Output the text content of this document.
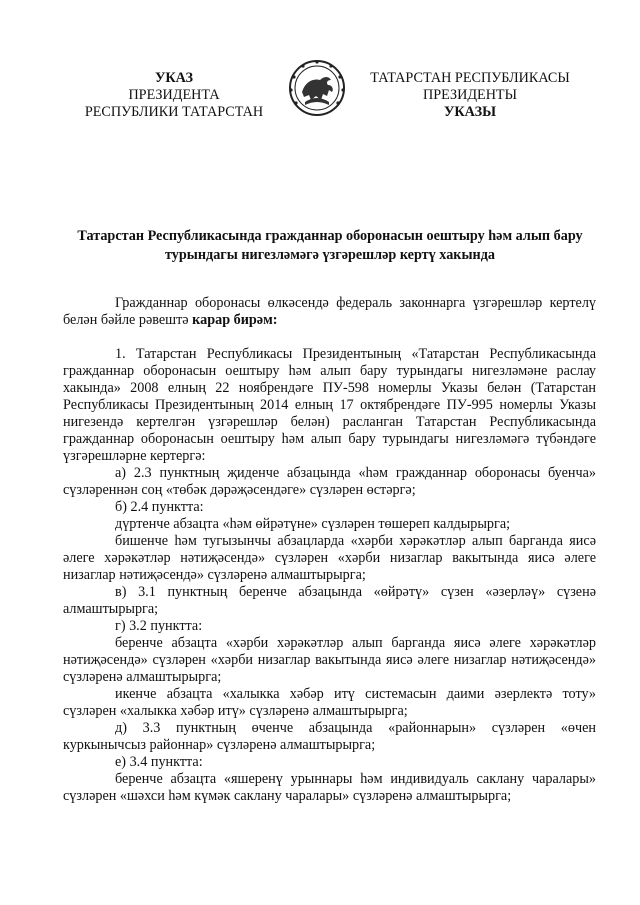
УКАЗ
ПРЕЗИДЕНТА
РЕСПУБЛИКИ ТАТАРСТАН
ТАТАРСТАН РЕСПУБЛИКАСЫ
ПРЕЗИДЕНТЫ
УКАЗЫ
Татарстан Республикасында гражданнар оборонасын оештыру һәм алып бару турындагы нигезләмәгә үзгәрешләр кертү хакында

Гражданнар оборонасы өлкәсендә федераль законнарга үзгәрешләр кертелү белән бәйле рәвештә карар бирәм:

1. Татарстан Республикасы Президентының «Татарстан Республикасында гражданнар оборонасын оештыру һәм алып бару турындагы нигезләмәне раслау хакында» 2008 елның 22 ноябрендәге ПУ-598 номерлы Указы белән (Татарстан Республикасы Президентының 2014 елның 17 октябрендәге ПУ-995 номерлы Указы нигезендә кертелгән үзгәрешләр белән) расланган Татарстан Республикасында гражданнар оборонасын оештыру һәм алып бару турындагы нигезләмәгә түбәндәге үзгәрешләрне кертергә:

а) 2.3 пунктның җиденче абзацында «һәм гражданнар оборонасы буенча» сүзләреннән соң «төбәк дәрәҗәсендәге» сүзләрен өстәргә;

б) 2.4 пунктта:

дүртенче абзацта «һәм өйрәтүне» сүзләрен төшереп калдырырга;

бишенче һәм тугызынчы абзацларда «хәрби хәрәкәтләр алып барганда яисә әлеге хәрәкәтләр нәтиҗәсендә» сүзләрен «хәрби низаглар вакытында яисә әлеге низаглар нәтиҗәсендә» сүзләренә алмаштырырга;

в) 3.1 пунктның беренче абзацында «өйрәтү» сүзен «әзерләү» сүзенә алмаштырырга;

г) 3.2 пунктта:

беренче абзацта «хәрби хәрәкәтләр алып барганда яисә әлеге хәрәкәтләр нәтиҗәсендә» сүзләрен «хәрби низаглар вакытында яисә әлеге низаглар нәтиҗәсендә» сүзләренә алмаштырырга;

икенче абзацта «халыкка хәбәр итү системасын даими әзерлектә тоту» сүзләрен «халыкка хәбәр итү» сүзләренә алмаштырырга;

д) 3.3 пунктның өченче абзацында «районнарын» сүзләрен «өчен куркынычсыз районнар» сүзләренә алмаштырырга;

е) 3.4 пунктта:

беренче абзацта «яшеренү урыннары һәм индивидуаль саклану чаралары» сүзләрен «шәхси һәм күмәк саклану чаралары» сүзләренә алмаштырырга;
